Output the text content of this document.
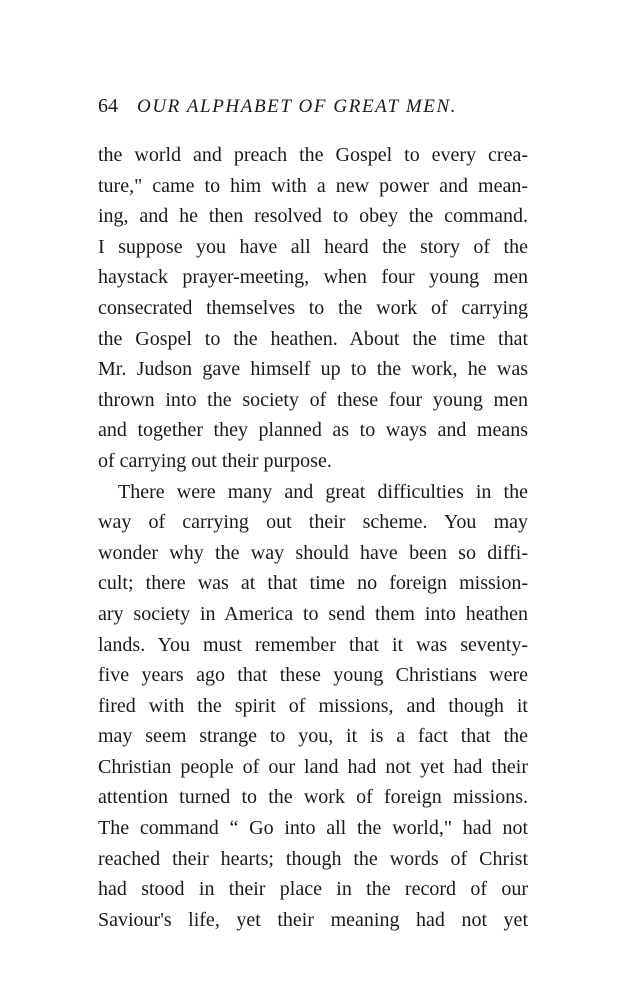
64 OUR ALPHABET OF GREAT MEN.
the world and preach the Gospel to every crea-
ture," came to him with a new power and mean-
ing, and he then resolved to obey the command.
I suppose you have all heard the story of the
haystack prayer-meeting, when four young men
consecrated themselves to the work of carrying
the Gospel to the heathen. About the time that
Mr. Judson gave himself up to the work, he was
thrown into the society of these four young men
and together they planned as to ways and means
of carrying out their purpose.
There were many and great difficulties in the
way of carrying out their scheme. You may
wonder why the way should have been so diffi-
cult; there was at that time no foreign mission-
ary society in America to send them into heathen
lands. You must remember that it was seventy-
five years ago that these young Christians were
fired with the spirit of missions, and though it
may seem strange to you, it is a fact that the
Christian people of our land had not yet had their
attention turned to the work of foreign missions.
The command “ Go into all the world," had not
reached their hearts; though the words of Christ
had stood in their place in the record of our
Saviour's life, yet their meaning had not yet
